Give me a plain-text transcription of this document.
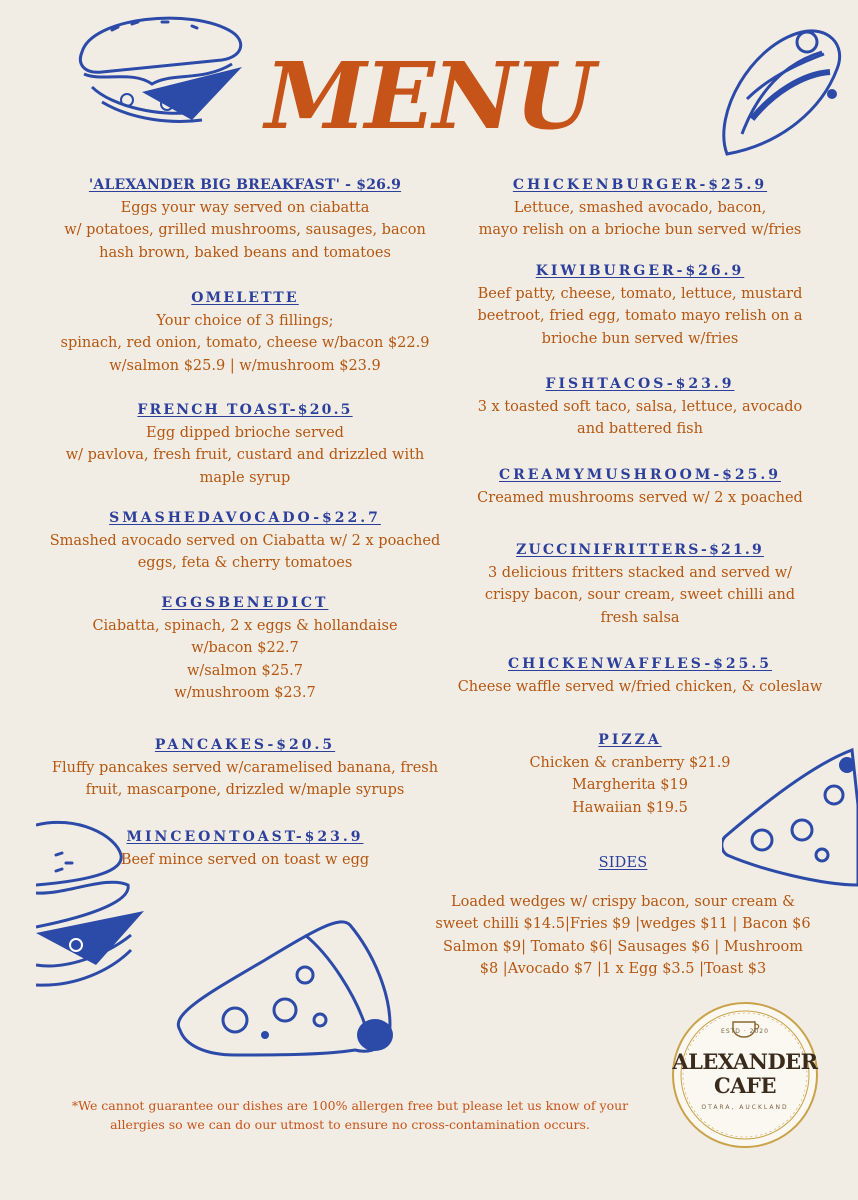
MENU
'ALEXANDER BIG BREAKFAST' - $26.9
Eggs your way served on ciabatta
w/ potatoes, grilled mushrooms, sausages, bacon
hash brown, baked beans and tomatoes
OMELETTE
Your choice of 3 fillings;
spinach, red onion, tomato, cheese w/bacon $22.9
w/salmon $25.9 | w/mushroom $23.9
FRENCH TOAST-$20.5
Egg dipped brioche served
w/ pavlova, fresh fruit, custard and drizzled with
maple syrup
SMASHEDAVOCADO-$22.7
Smashed avocado served on Ciabatta w/ 2 x poached
eggs, feta & cherry tomatoes
EGGSBENEDICT
Ciabatta, spinach, 2 x eggs & hollandaise
w/bacon $22.7
w/salmon $25.7
w/mushroom $23.7
PANCAKES-$20.5
Fluffy pancakes served w/caramelised banana, fresh
fruit, mascarpone, drizzled w/maple syrups
MINCEONTOAST-$23.9
Beef mince served on toast w egg
CHICKENBURGER-$25.9
Lettuce, smashed avocado, bacon,
mayo relish on a brioche bun served w/fries
KIWIBURGER-$26.9
Beef patty, cheese, tomato, lettuce, mustard
beetroot, fried egg, tomato mayo relish on a
brioche bun served w/fries
FISHTACOS-$23.9
3 x toasted soft taco, salsa, lettuce, avocado
and battered fish
CREAMYMUSHROOM-$25.9
Creamed mushrooms served w/ 2 x poached
ZUCCINIFRITTERS-$21.9
3 delicious fritters stacked and served w/
crispy bacon, sour cream, sweet chilli and
fresh salsa
CHICKENWAFFLES-$25.5
Cheese waffle served w/fried chicken, & coleslaw
PIZZA
Chicken & cranberry $21.9
Margherita $19
Hawaiian $19.5
SIDES
Loaded wedges w/ crispy bacon, sour cream &
sweet chilli $14.5|Fries $9 |wedges $11 | Bacon $6
Salmon $9| Tomato $6| Sausages $6 | Mushroom
$8 |Avocado $7 |1 x Egg $3.5 |Toast $3
ESTD · 2020
ALEXANDER
CAFE
OTARA, AUCKLAND
*We cannot guarantee our dishes are 100% allergen free but please let us know of your
allergies so we can do our utmost to ensure no cross-contamination occurs.
